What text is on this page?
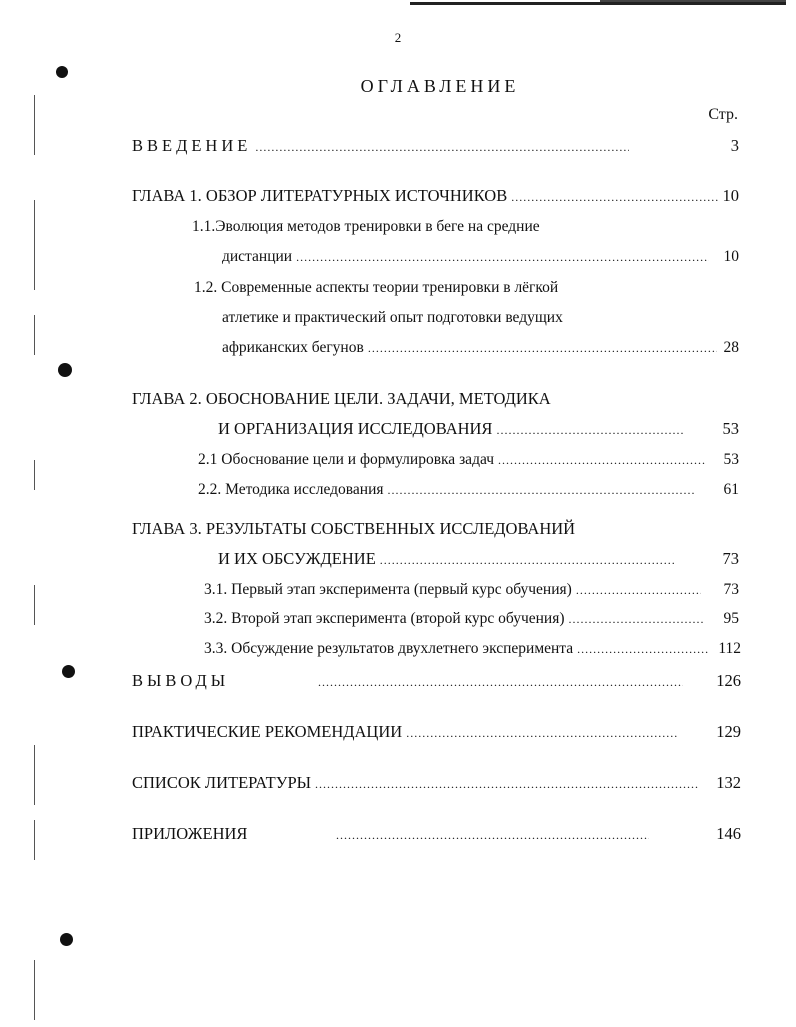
2
ОГЛАВЛЕНИЕ
Стр.
ВВЕДЕНИЕ .....	3
ГЛАВА 1. ОБЗОР ЛИТЕРАТУРНЫХ ИСТОЧНИКОВ .....	10
1.1.Эволюция методов тренировки в беге на средние
дистанции .....	10
1.2. Современные аспекты теории тренировки в лёгкой
атлетике и практический опыт подготовки ведущих
африканских бегунов .....	28
ГЛАВА 2. ОБОСНОВАНИЕ ЦЕЛИ. ЗАДАЧИ, МЕТОДИКА
И ОРГАНИЗАЦИЯ ИССЛЕДОВАНИЯ .....	53
2.1 Обоснование цели и формулировка задач .....	53
2.2. Методика исследования .....	61
ГЛАВА 3. РЕЗУЛЬТАТЫ СОБСТВЕННЫХ ИССЛЕДОВАНИЙ
И ИХ ОБСУЖДЕНИЕ .....	73
3.1. Первый этап эксперимента (первый курс обучения) .....	73
3.2. Второй этап эксперимента (второй курс обучения) .....	95
3.3. Обсуждение результатов двухлетнего эксперимента .....	112
ВЫВОДЫ .....	126
ПРАКТИЧЕСКИЕ РЕКОМЕНДАЦИИ .....	129
СПИСОК ЛИТЕРАТУРЫ .....	132
ПРИЛОЖЕНИЯ .....	146
